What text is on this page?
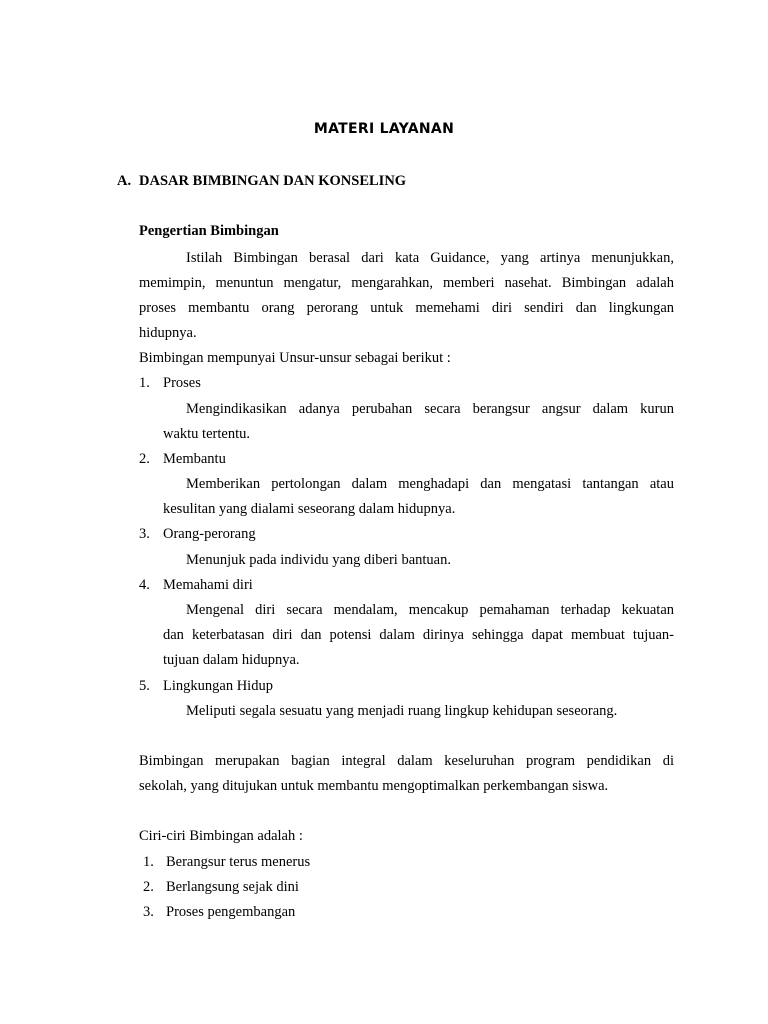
MATERI LAYANAN
A. DASAR BIMBINGAN DAN KONSELING
Pengertian Bimbingan
Istilah Bimbingan berasal dari kata Guidance, yang artinya menunjukkan,
memimpin, menuntun mengatur, mengarahkan, memberi nasehat. Bimbingan adalah
proses membantu orang perorang untuk memehami diri sendiri dan lingkungan
hidupnya.
Bimbingan mempunyai Unsur-unsur sebagai berikut :
1. Proses
Mengindikasikan adanya perubahan secara berangsur angsur dalam kurun
waktu tertentu.
2. Membantu
Memberikan pertolongan dalam menghadapi dan mengatasi tantangan atau
kesulitan yang dialami seseorang dalam hidupnya.
3. Orang-perorang
Menunjuk pada individu yang diberi bantuan.
4. Memahami diri
Mengenal diri secara mendalam, mencakup pemahaman terhadap kekuatan
dan keterbatasan diri dan potensi dalam dirinya sehingga dapat membuat tujuan-
tujuan dalam hidupnya.
5. Lingkungan Hidup
Meliputi segala sesuatu yang menjadi ruang lingkup kehidupan seseorang.
Bimbingan merupakan bagian integral dalam keseluruhan program pendidikan di
sekolah, yang ditujukan untuk membantu mengoptimalkan perkembangan siswa.
Ciri-ciri Bimbingan adalah :
1. Berangsur terus menerus
2. Berlangsung sejak dini
3. Proses pengembangan
